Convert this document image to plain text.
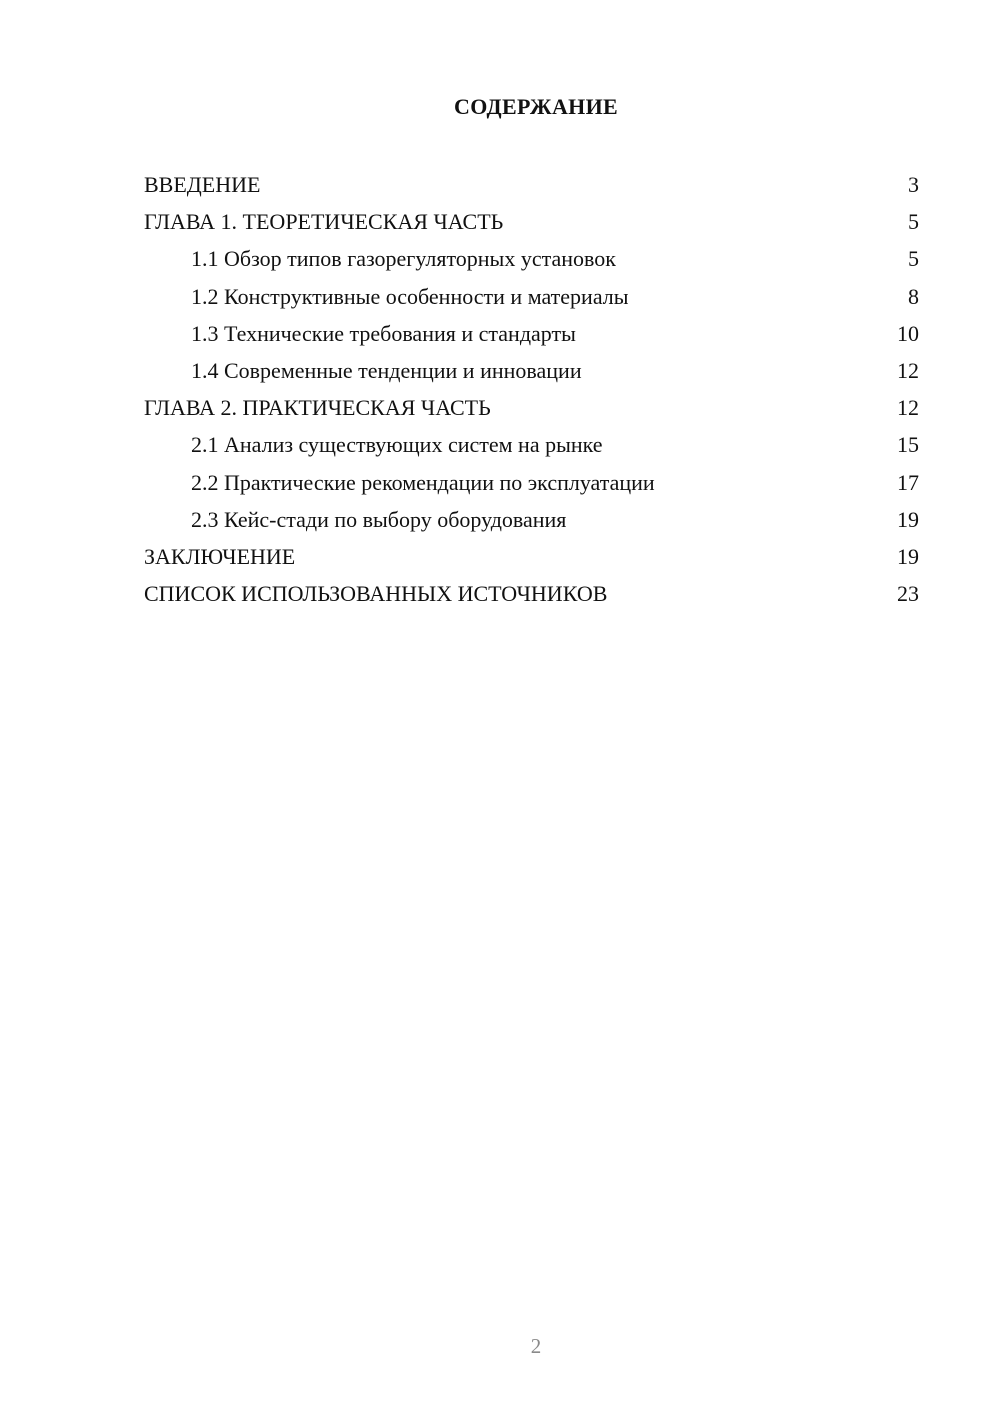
СОДЕРЖАНИЕ
ВВЕДЕНИЕ	3
ГЛАВА 1. ТЕОРЕТИЧЕСКАЯ ЧАСТЬ	5
1.1 Обзор типов газорегуляторных установок	5
1.2 Конструктивные особенности и материалы	8
1.3 Технические требования и стандарты	10
1.4 Современные тенденции и инновации	12
ГЛАВА 2. ПРАКТИЧЕСКАЯ ЧАСТЬ	12
2.1 Анализ существующих систем на рынке	15
2.2 Практические рекомендации по эксплуатации	17
2.3 Кейс-стади по выбору оборудования	19
ЗАКЛЮЧЕНИЕ	19
СПИСОК ИСПОЛЬЗОВАННЫХ ИСТОЧНИКОВ	23
2
